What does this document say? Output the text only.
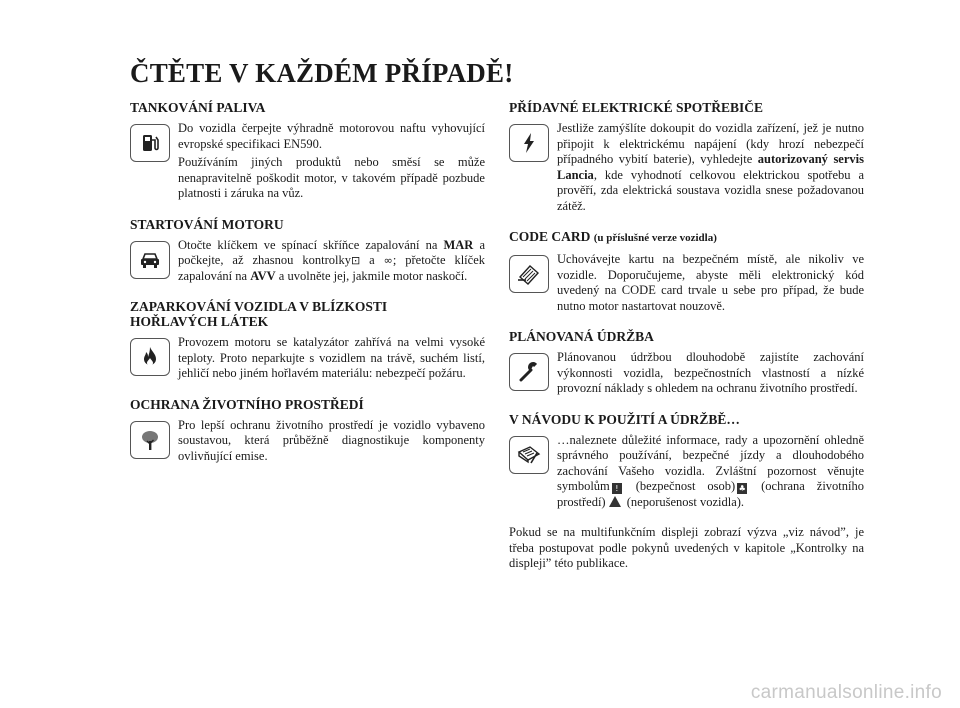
ČTĚTE V KAŽDÉM PŘÍPADĚ!
TANKOVÁNÍ PALIVA

Do vozidla čerpejte výhradně motorovou naftu vyhovující evropské specifikaci EN590.

Používáním jiných produktů nebo směsí se může nenapravitelně poškodit motor, v takovém případě pozbude platnosti i záruka na vůz.

STARTOVÁNÍ MOTORU

Otočte klíčkem ve spínací skříňce zapalování na MAR a počkejte, až zhasnou kontrolky⊡ a ∞; přetočte klíček zapalování na AVV a uvolněte jej, jakmile motor naskočí.

ZAPARKOVÁNÍ VOZIDLA V BLÍZKOSTI
HOŘLAVÝCH LÁTEK

Provozem motoru se katalyzátor zahřívá na velmi vysoké teploty. Proto neparkujte s vozidlem na trávě, suchém listí, jehličí nebo jiném hořlavém materiálu: nebezpečí požáru.

OCHRANA ŽIVOTNÍHO PROSTŘEDÍ

Pro lepší ochranu životního prostředí je vozidlo vybaveno soustavou, která průběžně diagnostikuje komponenty ovlivňující emise.

PŘÍDAVNÉ ELEKTRICKÉ SPOTŘEBIČE

Jestliže zamýšlíte dokoupit do vozidla zařízení, jež je nutno připojit k elektrickému napájení (kdy hrozí nebezpečí případného vybití baterie), vyhledejte autorizovaný servis Lancia, kde vyhodnotí celkovou elektrickou spotřebu a prověří, zda elektrická soustava vozidla snese požadovanou zátěž.

CODE CARD (u příslušné verze vozidla)

Uchovávejte kartu na bezpečném místě, ale nikoliv ve vozidle. Doporučujeme, abyste měli elektronický kód uvedený na CODE card trvale u sebe pro případ, že bude nutno motor nastartovat nouzově.

PLÁNOVANÁ ÚDRŽBA

Plánovanou údržbou dlouhodobě zajistíte zachování výkonnosti vozidla, bezpečnostních vlastností a nízké provozní náklady s ohledem na ochranu životního prostředí.

V NÁVODU K POUŽITÍ A ÚDRŽBĚ…

…naleznete důležité informace, rady a upozornění ohledně správného používání, bezpečné jízdy a dlouhodobého zachování Vašeho vozidla. Zvláštní pozornost věnujte symbolům ! (bezpečnost osob) ♣ (ochrana životního prostředí) (neporušenost vozidla).

Pokud se na multifunkčním displeji zobrazí výzva „viz návod”, je třeba postupovat podle pokynů uvedených v kapitole „Kontrolky na displeji” této publikace.

carmanualsonline.info
